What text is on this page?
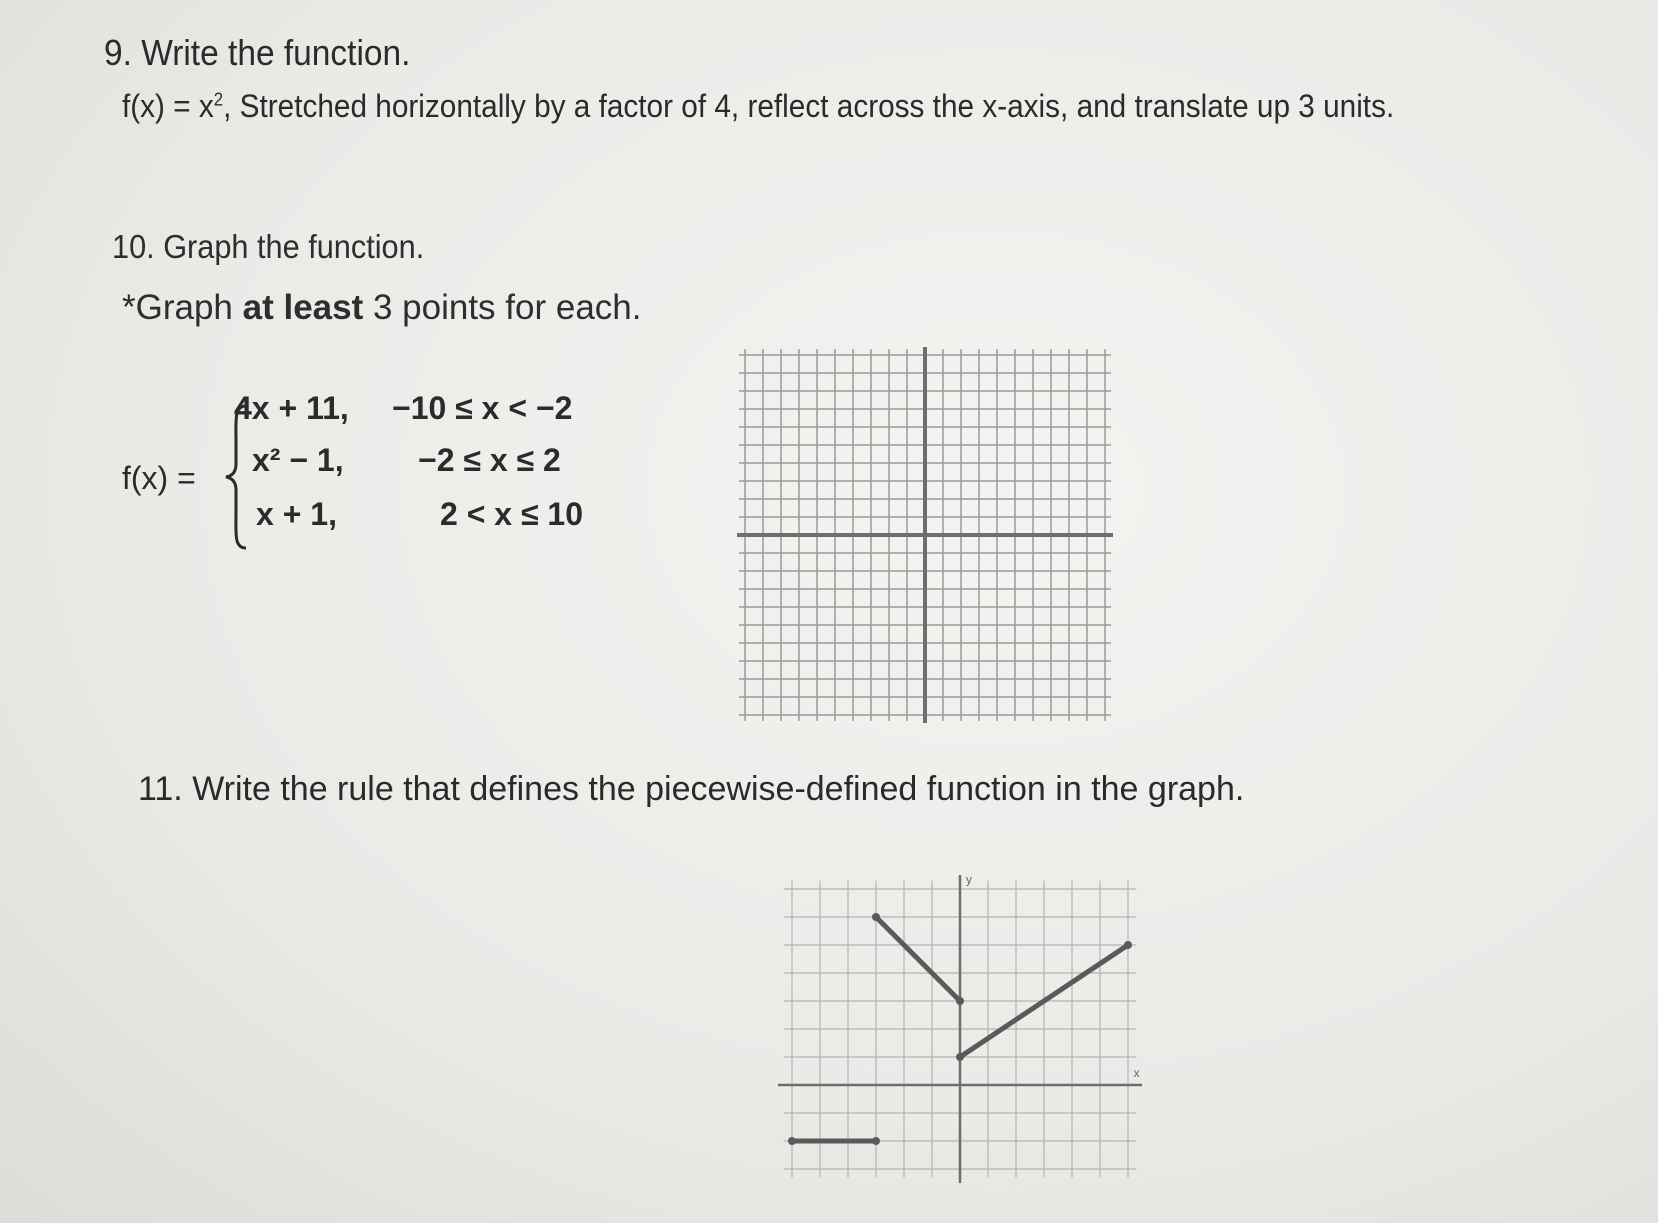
9. Write the function.
$f(x) = x^2$, Stretched horizontally by a factor of 4, reflect across the x-axis, and translate up 3 units.
10. Graph the function.
*Graph at least 3 points for each.
f(x) =
4x + 11, −10 ≤ x < −2
x² − 1, −2 ≤ x ≤ 2
x + 1,	2 < x ≤ 10
11. Write the rule that defines the piecewise-defined function in the graph.
y
x
